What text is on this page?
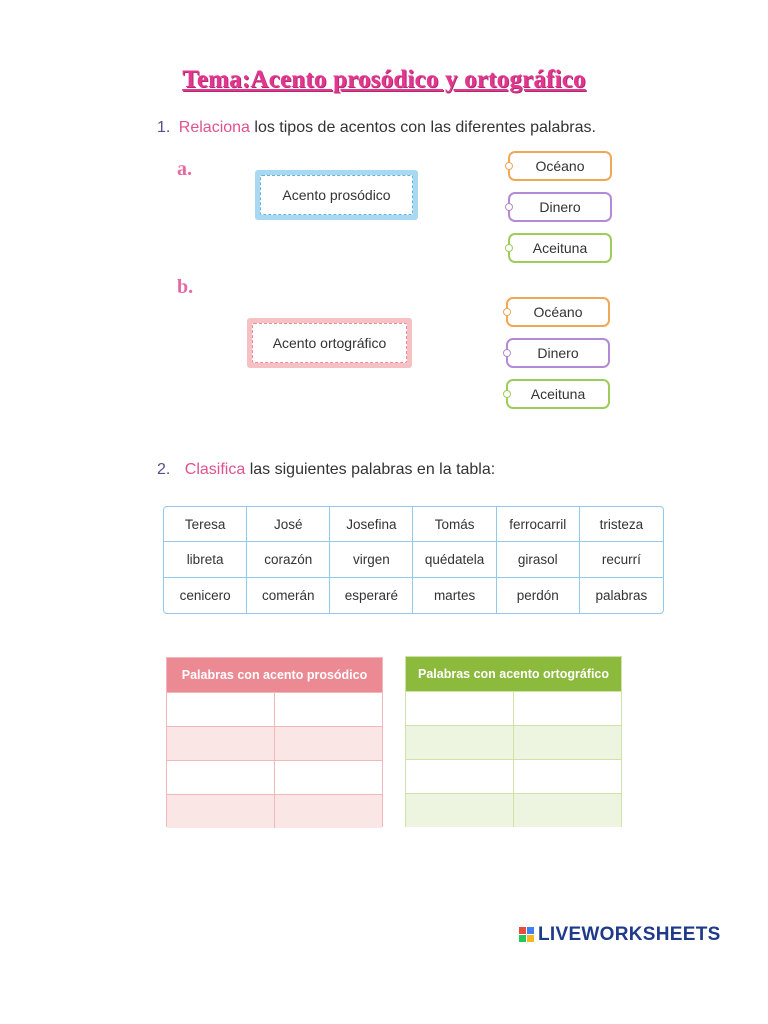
Tema:Acento prosódico y ortográfico
1. Relaciona los tipos de acentos con las diferentes palabras.
a.
Acento prosódico
Océano
Dinero
Aceituna
b.
Acento ortográfico
Océano
Dinero
Aceituna
2. Clasifica las siguientes palabras en la tabla:
Teresa	José	Josefina	Tomás	ferrocarril	tristeza
libreta	corazón	virgen	quédatela	girasol	recurrí
cenicero	comerán	esperaré	martes	perdón	palabras
Palabras con acento prosódico	Palabras con acento ortográfico
LIVEWORKSHEETS
